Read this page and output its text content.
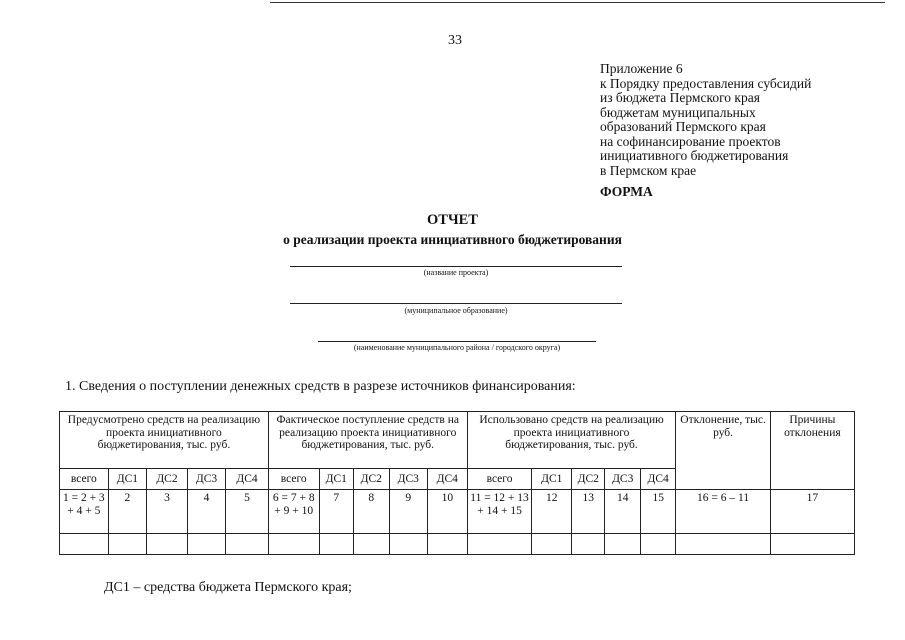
33
Приложение 6
к Порядку предоставления субсидий
из бюджета Пермского края
бюджетам муниципальных
образований Пермского края
на софинансирование проектов
инициативного бюджетирования
в Пермском крае
ФОРМА
ОТЧЕТ
о реализации проекта инициативного бюджетирования
(название проекта)
(муниципальное образование)
(наименование муниципального района / городского округа)
1. Сведения о поступлении денежных средств в разрезе источников финансирования:
Предусмотрено средств на реализацию проекта инициативного бюджетирования, тыс. руб.					Фактическое поступление средств на реализацию проекта инициативного бюджетирования, тыс. руб.					Использовано средств на реализацию проекта инициативного бюджетирования, тыс. руб.					Отклонение, тыс. руб.	Причины отклонения
всего	ДС1	ДС2	ДС3	ДС4	всего	ДС1	ДС2	ДС3	ДС4	всего	ДС1	ДС2	ДС3	ДС4		
1 = 2 + 3 + 4 + 5	2	3	4	5	6 = 7 + 8 + 9 + 10	7	8	9	10	11 = 12 + 13 + 14 + 15	12	13	14	15	16 = 6 – 11	17

ДС1 – средства бюджета Пермского края;
